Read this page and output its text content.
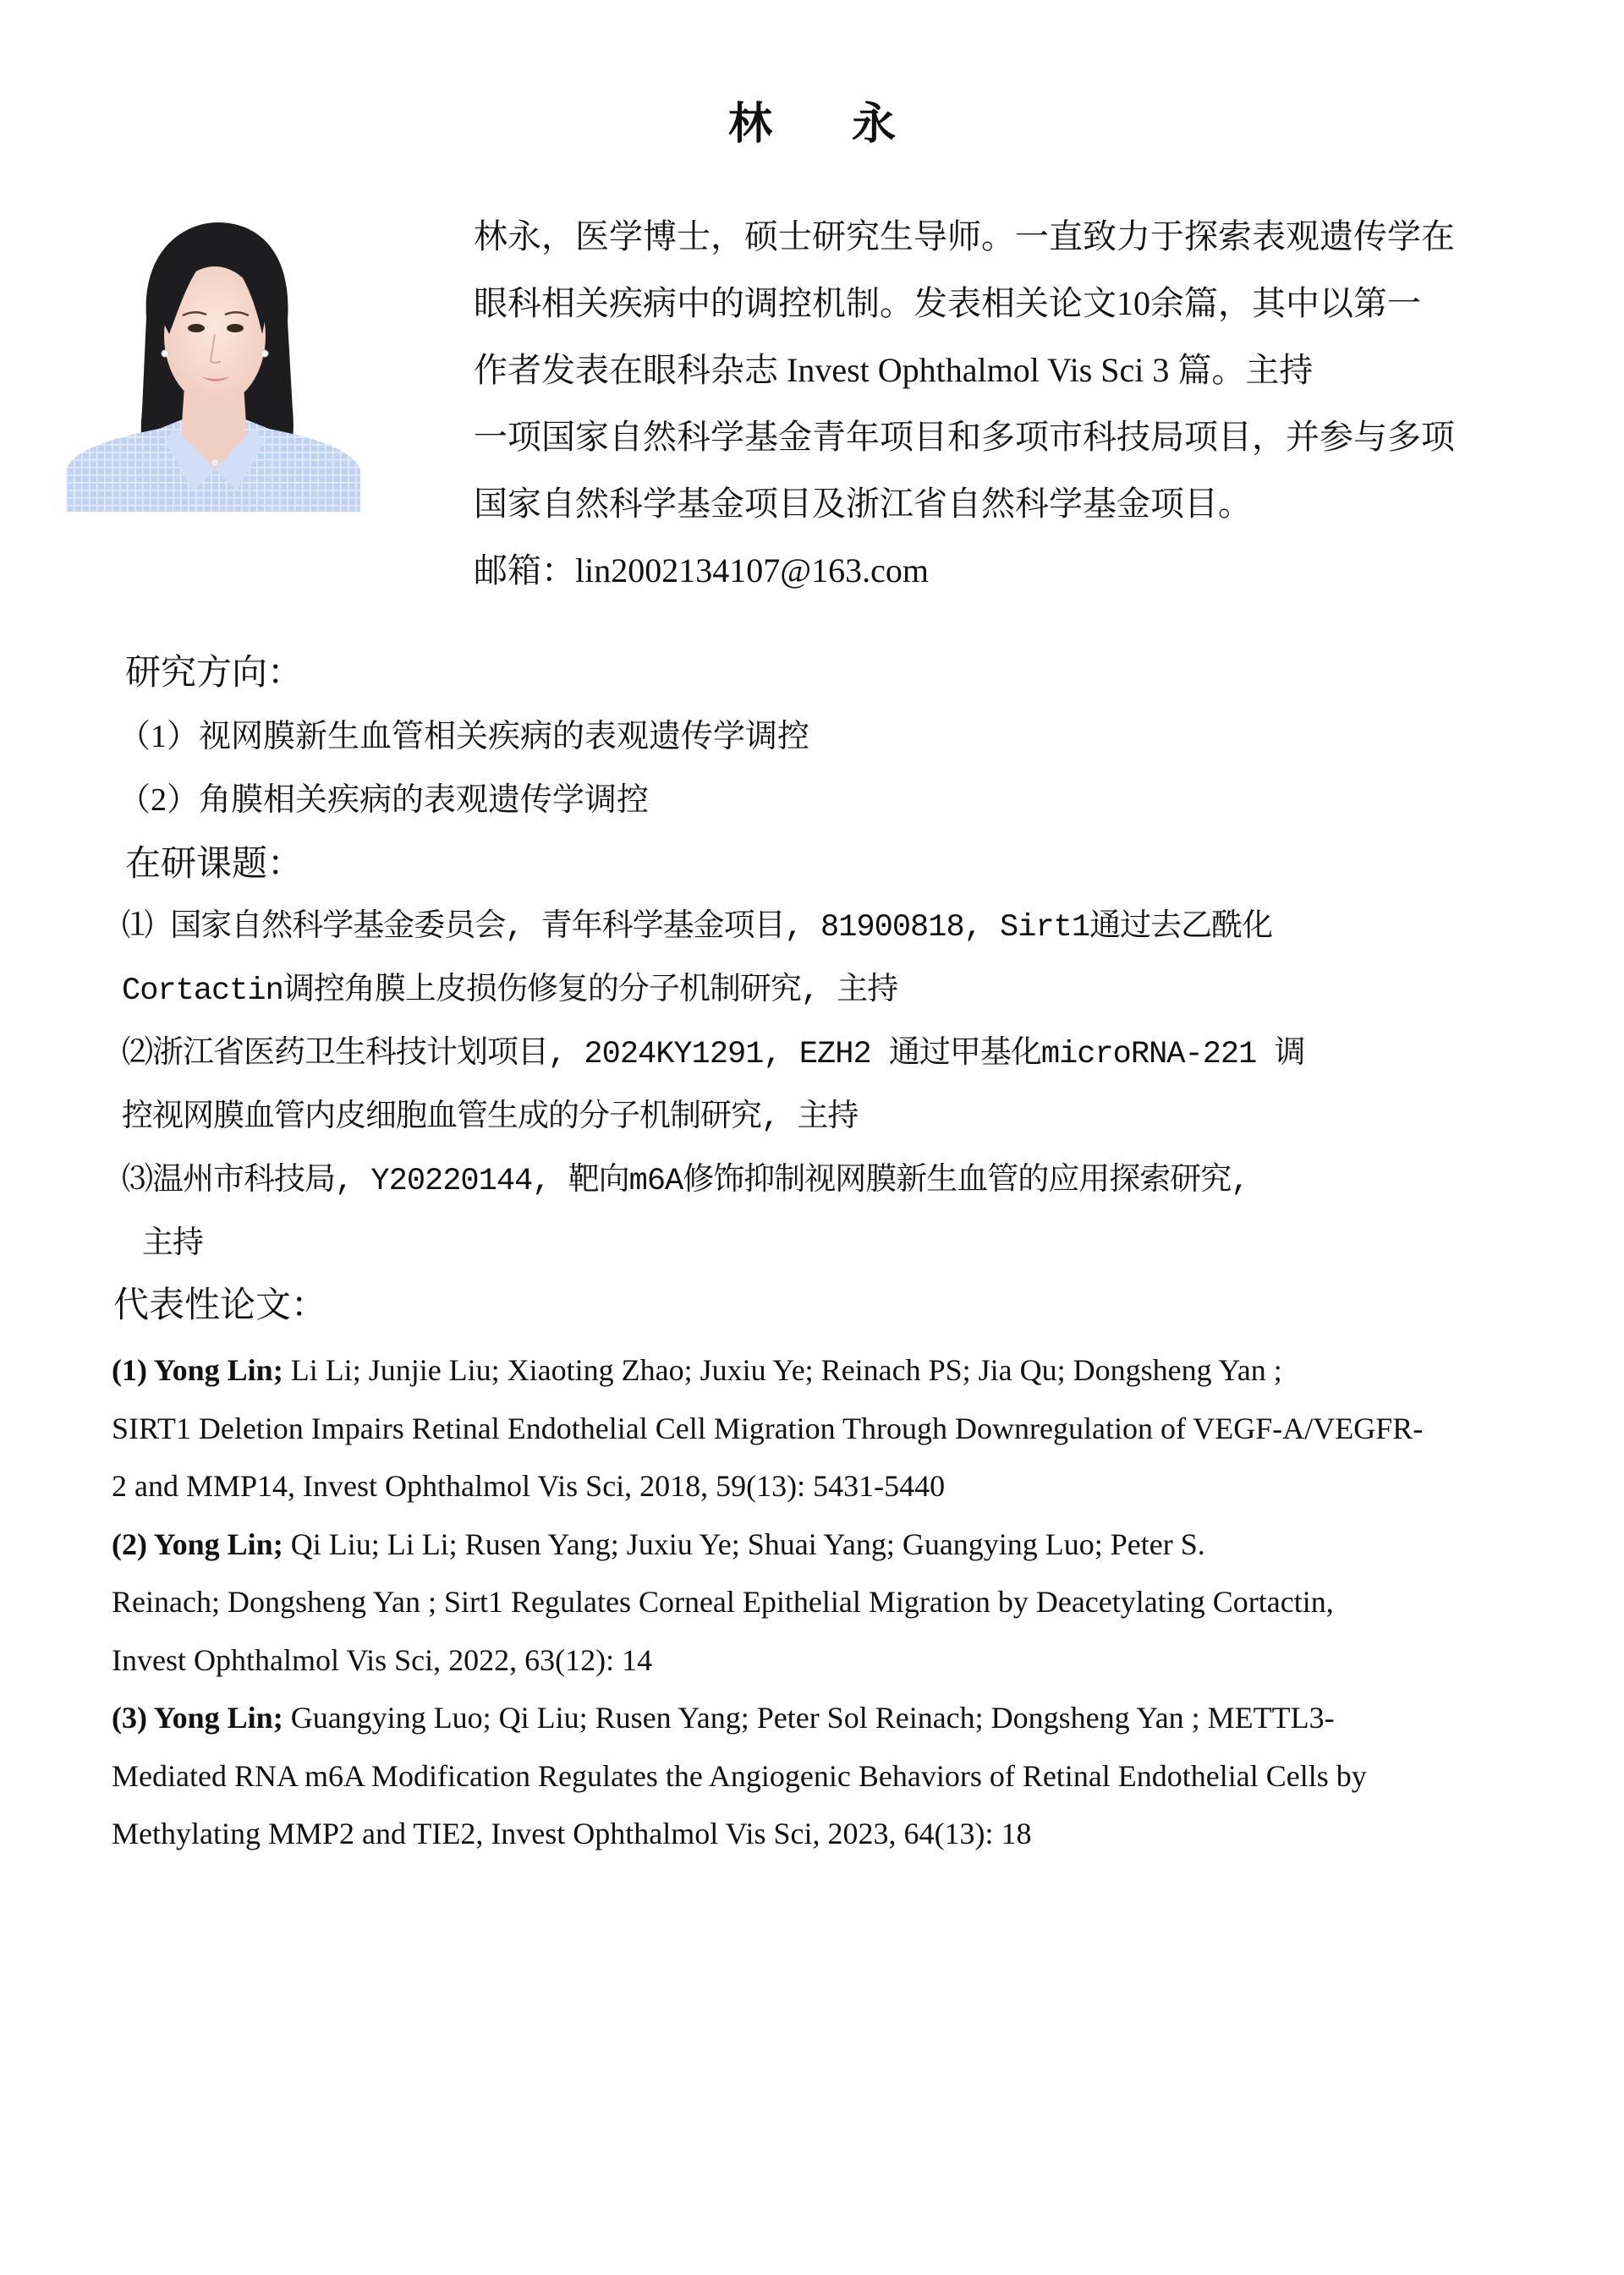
林 永
林永，医学博士，硕士研究生导师。一直致力于探索表观遗传学在
眼科相关疾病中的调控机制。发表相关论文10余篇，其中以第一
作者发表在眼科杂志 Invest Ophthalmol Vis Sci 3 篇。主持
一项国家自然科学基金青年项目和多项市科技局项目，并参与多项
国家自然科学基金项目及浙江省自然科学基金项目。
邮箱：lin2002134107@163.com
研究方向：
（1）视网膜新生血管相关疾病的表观遗传学调控
（2）角膜相关疾病的表观遗传学调控
在研课题：
⑴ 国家自然科学基金委员会, 青年科学基金项目, 81900818, Sirt1通过去乙酰化
Cortactin调控角膜上皮损伤修复的分子机制研究, 主持
⑵浙江省医药卫生科技计划项目, 2024KY1291, EZH2 通过甲基化microRNA-221 调
控视网膜血管内皮细胞血管生成的分子机制研究, 主持
⑶温州市科技局, Y20220144, 靶向m6A修饰抑制视网膜新生血管的应用探索研究,
主持
代表性论文：
(1) Yong Lin; Li Li; Junjie Liu; Xiaoting Zhao; Juxiu Ye; Reinach PS; Jia Qu; Dongsheng Yan ;
SIRT1 Deletion Impairs Retinal Endothelial Cell Migration Through Downregulation of VEGF-A/VEGFR-
2 and MMP14, Invest Ophthalmol Vis Sci, 2018, 59(13): 5431-5440
(2) Yong Lin; Qi Liu; Li Li; Rusen Yang; Juxiu Ye; Shuai Yang; Guangying Luo; Peter S.
Reinach; Dongsheng Yan ; Sirt1 Regulates Corneal Epithelial Migration by Deacetylating Cortactin,
Invest Ophthalmol Vis Sci, 2022, 63(12): 14
(3) Yong Lin; Guangying Luo; Qi Liu; Rusen Yang; Peter Sol Reinach; Dongsheng Yan ; METTL3-
Mediated RNA m6A Modification Regulates the Angiogenic Behaviors of Retinal Endothelial Cells by
Methylating MMP2 and TIE2, Invest Ophthalmol Vis Sci, 2023, 64(13): 18
